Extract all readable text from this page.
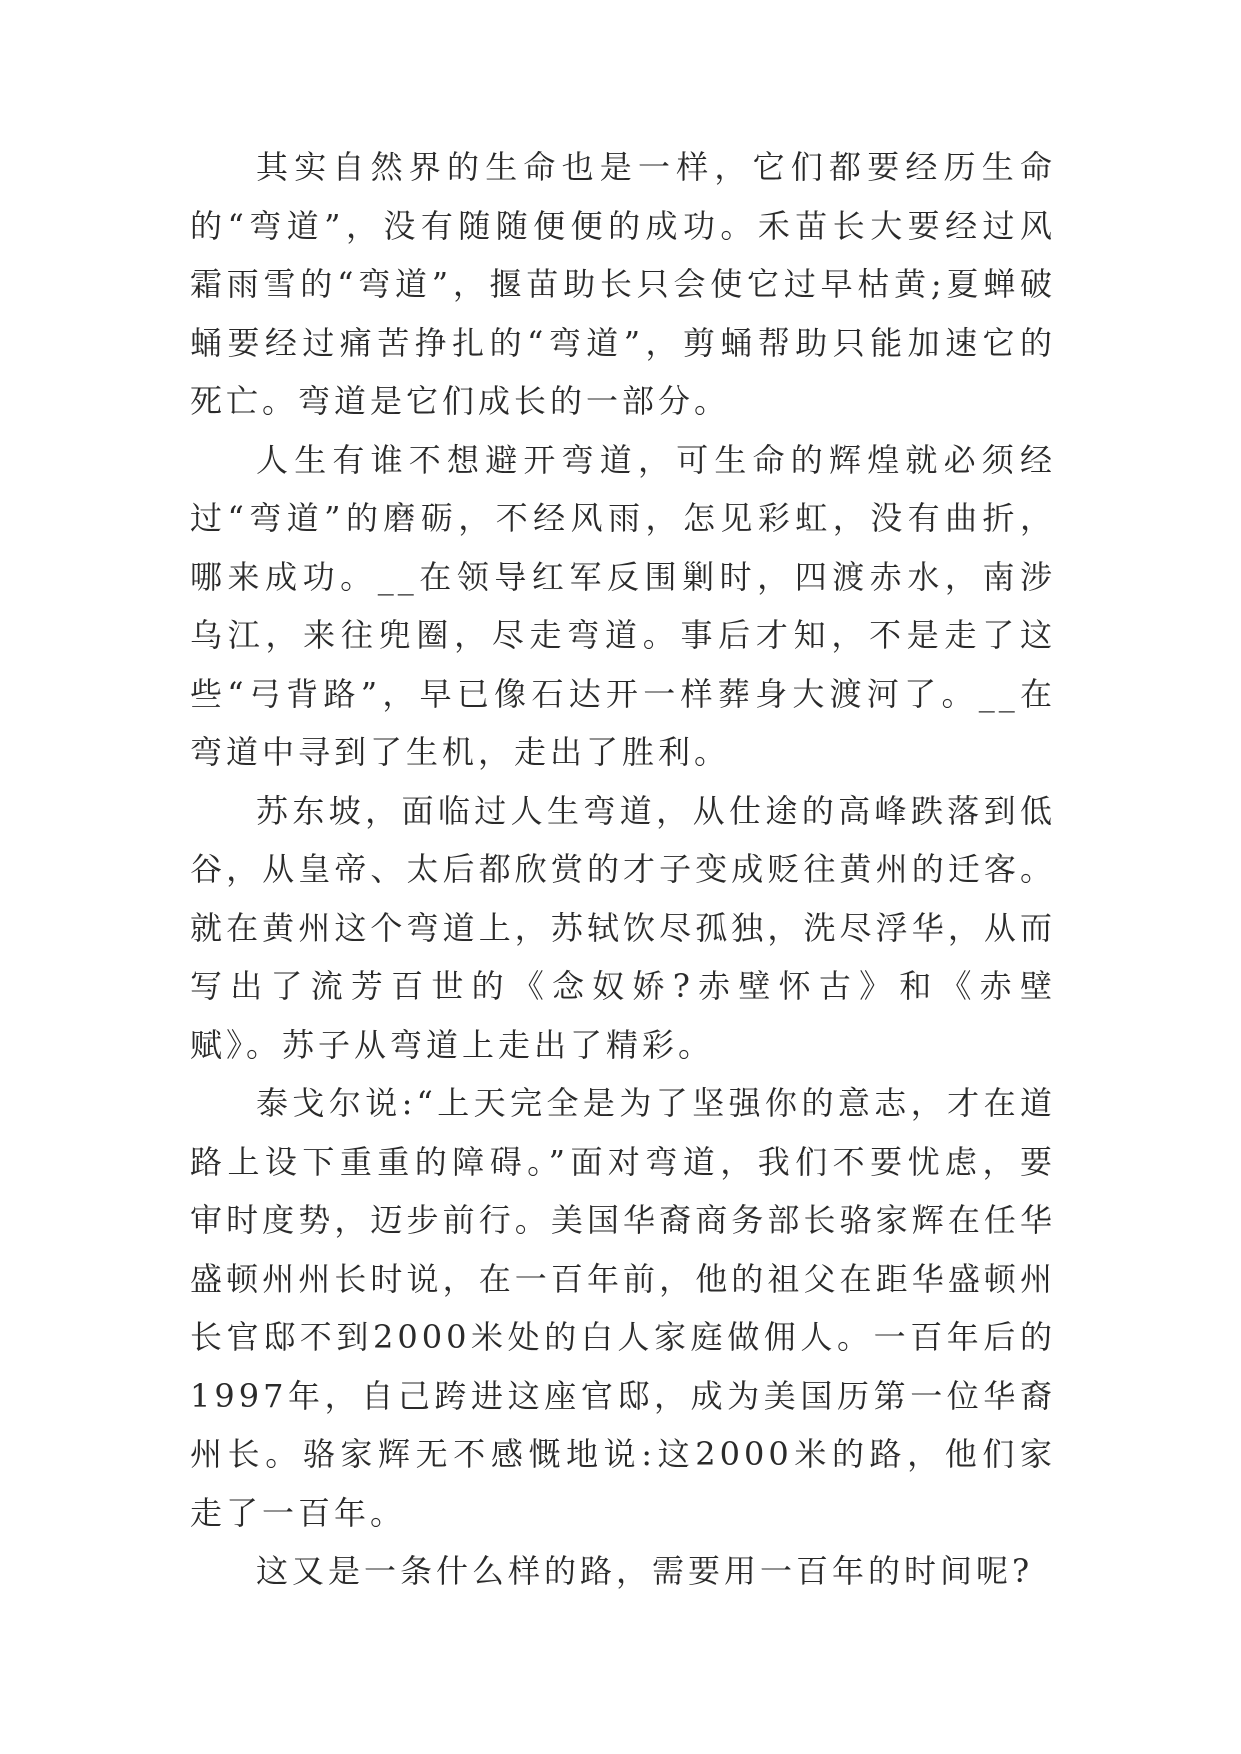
其实自然界的生命也是一样，它们都要经历生命的“弯道”，没有随随便便的成功。禾苗长大要经过风霜雨雪的“弯道”，揠苗助长只会使它过早枯黄;夏蝉破蛹要经过痛苦挣扎的“弯道”，剪蛹帮助只能加速它的死亡。弯道是它们成长的一部分。

人生有谁不想避开弯道，可生命的辉煌就必须经过“弯道”的磨砺，不经风雨，怎见彩虹，没有曲折，哪来成功。__在领导红军反围剿时，四渡赤水，南涉乌江，来往兜圈，尽走弯道。事后才知，不是走了这些“弓背路”，早已像石达开一样葬身大渡河了。__在弯道中寻到了生机，走出了胜利。

苏东坡，面临过人生弯道，从仕途的高峰跌落到低谷，从皇帝、太后都欣赏的才子变成贬往黄州的迁客。就在黄州这个弯道上，苏轼饮尽孤独，洗尽浮华，从而写出了流芳百世的《念奴娇?赤壁怀古》和《赤壁赋》。苏子从弯道上走出了精彩。

泰戈尔说:“上天完全是为了坚强你的意志，才在道路上设下重重的障碍。”面对弯道，我们不要忧虑，要审时度势，迈步前行。美国华裔商务部长骆家辉在任华盛顿州州长时说，在一百年前，他的祖父在距华盛顿州长官邸不到2000米处的白人家庭做佣人。一百年后的1997年，自己跨进这座官邸，成为美国历第一位华裔州长。骆家辉无不感慨地说:这2000米的路，他们家走了一百年。

这又是一条什么样的路，需要用一百年的时间呢?
